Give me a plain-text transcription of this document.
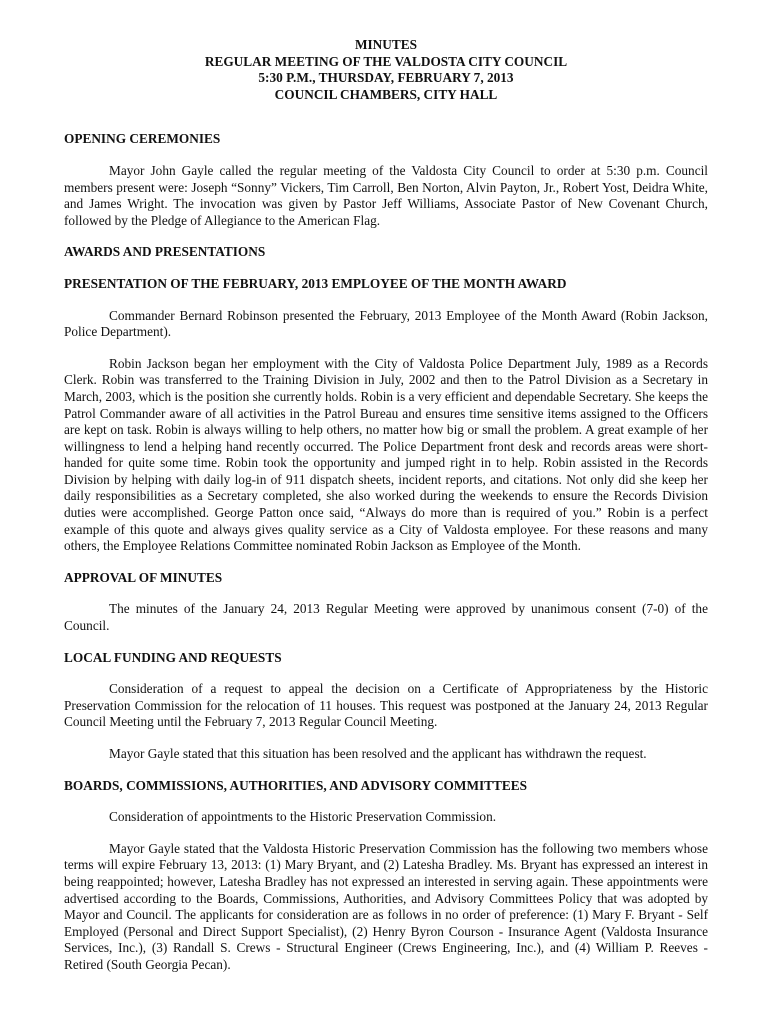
MINUTES
REGULAR MEETING OF THE VALDOSTA CITY COUNCIL
5:30 P.M., THURSDAY, FEBRUARY 7, 2013
COUNCIL CHAMBERS, CITY HALL
OPENING CEREMONIES

Mayor John Gayle called the regular meeting of the Valdosta City Council to order at 5:30 p.m. Council members present were: Joseph “Sonny” Vickers, Tim Carroll, Ben Norton, Alvin Payton, Jr., Robert Yost, Deidra White, and James Wright. The invocation was given by Pastor Jeff Williams, Associate Pastor of New Covenant Church, followed by the Pledge of Allegiance to the American Flag.

AWARDS AND PRESENTATIONS
PRESENTATION OF THE FEBRUARY, 2013 EMPLOYEE OF THE MONTH AWARD

Commander Bernard Robinson presented the February, 2013 Employee of the Month Award (Robin Jackson, Police Department).

Robin Jackson began her employment with the City of Valdosta Police Department July, 1989 as a Records Clerk. Robin was transferred to the Training Division in July, 2002 and then to the Patrol Division as a Secretary in March, 2003, which is the position she currently holds. Robin is a very efficient and dependable Secretary. She keeps the Patrol Commander aware of all activities in the Patrol Bureau and ensures time sensitive items assigned to the Officers are kept on task. Robin is always willing to help others, no matter how big or small the problem. A great example of her willingness to lend a helping hand recently occurred. The Police Department front desk and records areas were short-handed for quite some time. Robin took the opportunity and jumped right in to help. Robin assisted in the Records Division by helping with daily log-in of 911 dispatch sheets, incident reports, and citations. Not only did she keep her daily responsibilities as a Secretary completed, she also worked during the weekends to ensure the Records Division duties were accomplished. George Patton once said, “Always do more than is required of you.” Robin is a perfect example of this quote and always gives quality service as a City of Valdosta employee. For these reasons and many others, the Employee Relations Committee nominated Robin Jackson as Employee of the Month.

APPROVAL OF MINUTES

The minutes of the January 24, 2013 Regular Meeting were approved by unanimous consent (7-0) of the Council.

LOCAL FUNDING AND REQUESTS

Consideration of a request to appeal the decision on a Certificate of Appropriateness by the Historic Preservation Commission for the relocation of 11 houses. This request was postponed at the January 24, 2013 Regular Council Meeting until the February 7, 2013 Regular Council Meeting.

Mayor Gayle stated that this situation has been resolved and the applicant has withdrawn the request.

BOARDS, COMMISSIONS, AUTHORITIES, AND ADVISORY COMMITTEES

Consideration of appointments to the Historic Preservation Commission.

Mayor Gayle stated that the Valdosta Historic Preservation Commission has the following two members whose terms will expire February 13, 2013: (1) Mary Bryant, and (2) Latesha Bradley. Ms. Bryant has expressed an interest in being reappointed; however, Latesha Bradley has not expressed an interested in serving again. These appointments were advertised according to the Boards, Commissions, Authorities, and Advisory Committees Policy that was adopted by Mayor and Council. The applicants for consideration are as follows in no order of preference: (1) Mary F. Bryant - Self Employed (Personal and Direct Support Specialist), (2) Henry Byron Courson - Insurance Agent (Valdosta Insurance Services, Inc.), (3) Randall S. Crews - Structural Engineer (Crews Engineering, Inc.), and (4) William P. Reeves - Retired (South Georgia Pecan).
